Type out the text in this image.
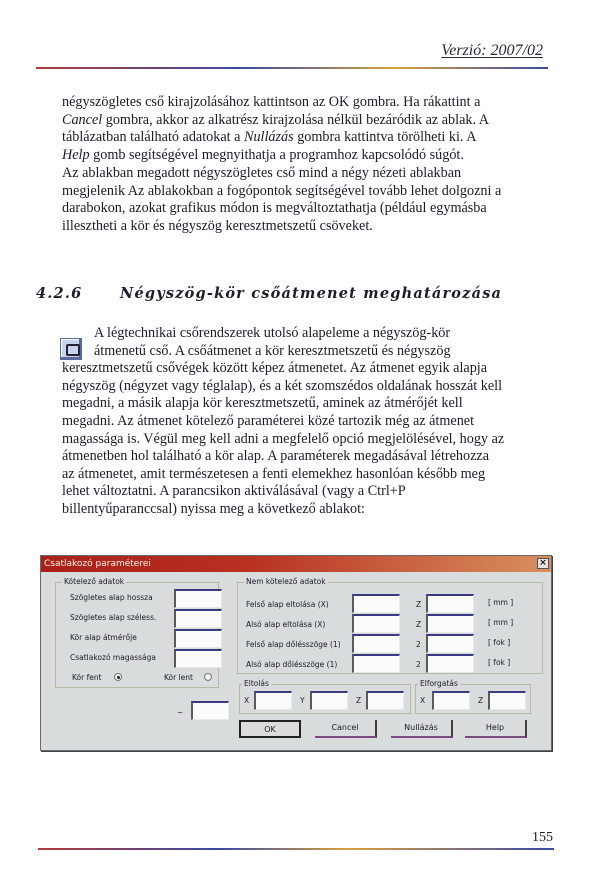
Verzió: 2007/02
négyszögletes cső kirajzolásához kattintson az OK gombra. Ha rákattint a
Cancel gombra, akkor az alkatrész kirajzolása nélkül bezáródik az ablak. A
táblázatban található adatokat a Nullázás gombra kattintva törölheti ki. A
Help gomb segítségével megnyithatja a programhoz kapcsolódó súgót.
Az ablakban megadott négyszögletes cső mind a négy nézeti ablakban
megjelenik Az ablakokban a fogópontok segítségével tovább lehet dolgozni a
darabokon, azokat grafikus módon is megváltoztathatja (például egymásba
illesztheti a kör és négyszög keresztmetszetű csöveket.
4.2.6	Négyszög-kör csőátmenet meghatározása
A légtechnikai csőrendszerek utolsó alapeleme a négyszög-kör
átmenetű cső. A csőátmenet a kör keresztmetszetű és négyszög
keresztmetszetű csővégek között képez átmenetet. Az átmenet egyik alapja
négyszög (négyzet vagy téglalap), és a két szomszédos oldalának hosszát kell
megadni, a másik alapja kör keresztmetszetű, aminek az átmérőjét kell
megadni. Az átmenet kötelező paraméterei közé tartozik még az átmenet
magassága is. Végül meg kell adni a megfelelő opció megjelölésével, hogy az
átmenetben hol található a kör alap. A paraméterek megadásával létrehozza
az átmenetet, amit természetesen a fenti elemekhez hasonlóan később meg
lehet változtatni. A parancsikon aktiválásával (vagy a Ctrl+P
billentyűparanccsal) nyissa meg a következő ablakot:
Csatlakozó paraméterei	×
Kötelező adatok
Szögletes alap hossza
Szögletes alap széless.
Kör alap átmérője
Csatlakozó magassága
Kör fent	Kör lent
~
Nem kötelező adatok
Felső alap eltolása (X)	Z	[ mm ]
Alsó alap eltolása (X)	Z	[ mm ]
Felső alap dőlésszöge (1)	2	[ fok ]
Alsó alap dőlésszöge (1)	2	[ fok ]
Eltolás
X	Y	Z
Elforgatás
X	Z
OK	Cancel	Nullázás	Help
155
